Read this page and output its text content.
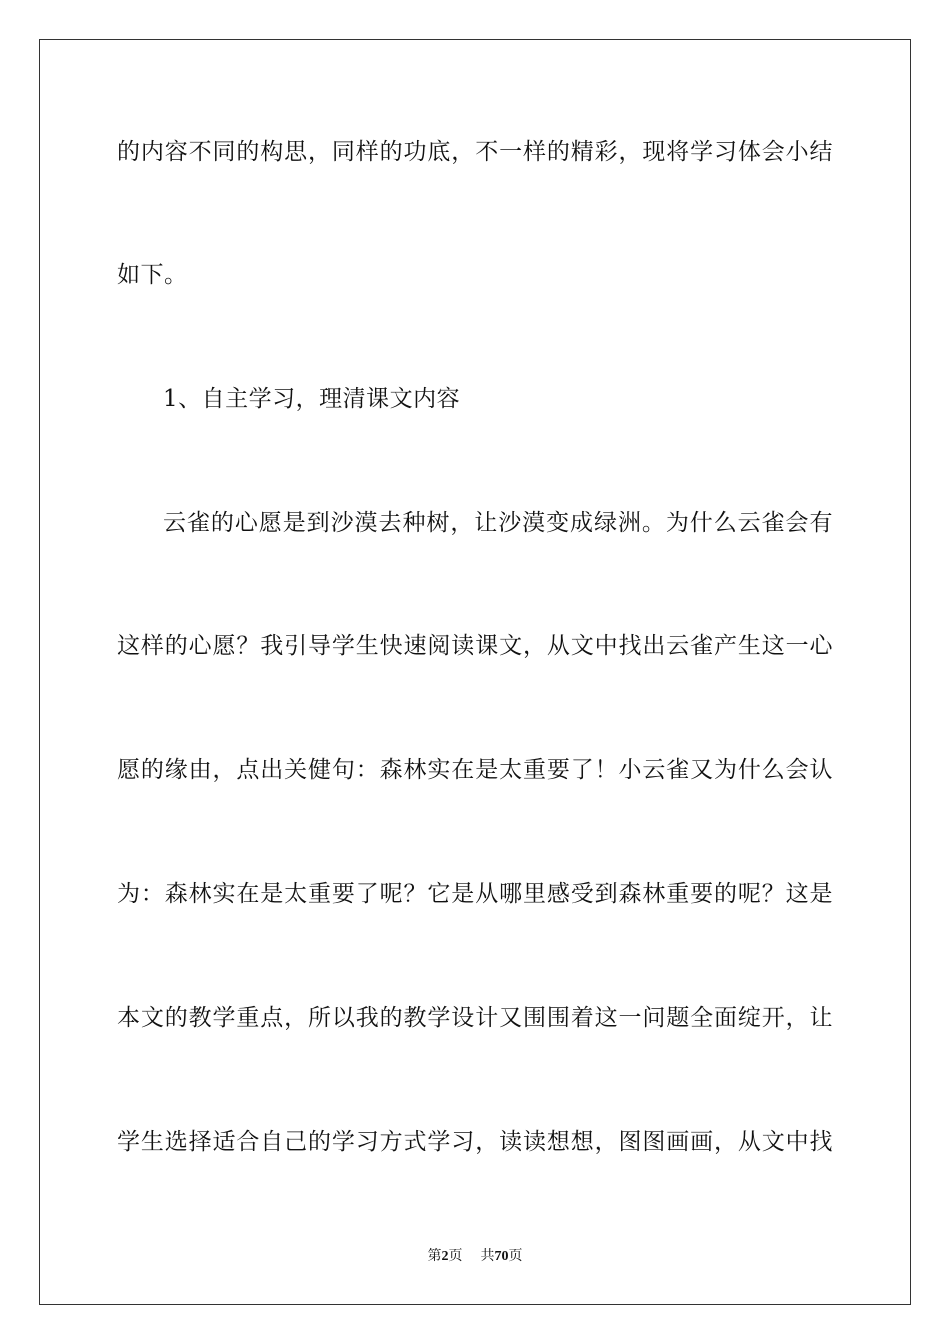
的内容不同的构思，同样的功底，不一样的精彩，现将学习体会小结
如下。
1、自主学习，理清课文内容
云雀的心愿是到沙漠去种树，让沙漠变成绿洲。为什么云雀会有
这样的心愿？我引导学生快速阅读课文，从文中找出云雀产生这一心
愿的缘由，点出关健句：森林实在是太重要了！小云雀又为什么会认
为：森林实在是太重要了呢？它是从哪里感受到森林重要的呢？这是
本文的教学重点，所以我的教学设计又围围着这一问题全面绽开，让
学生选择适合自己的学习方式学习，读读想想，图图画画，从文中找
第2页 共70页
